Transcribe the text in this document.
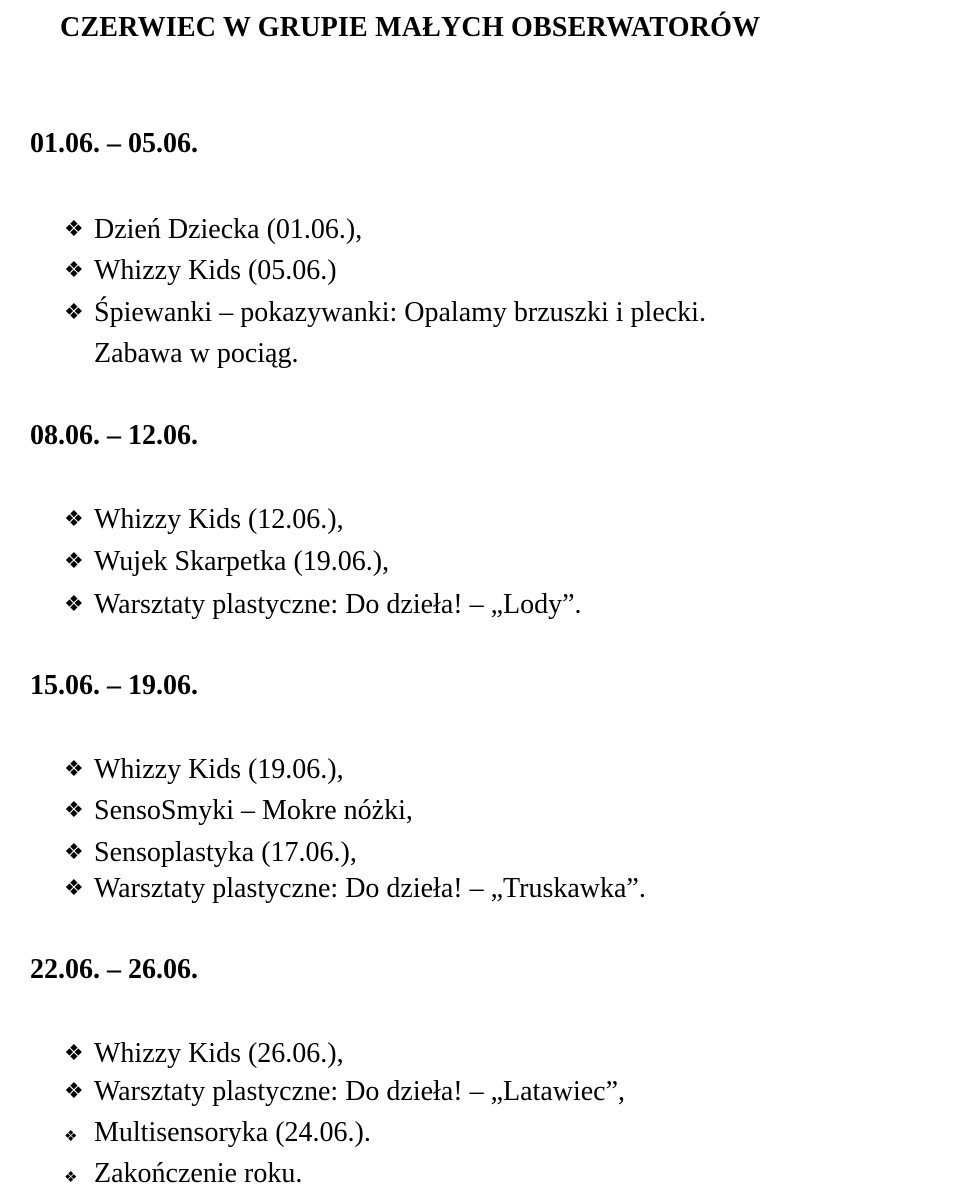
CZERWIEC W GRUPIE MAŁYCH OBSERWATORÓW
01.06. – 05.06.
❖ Dzień Dziecka (01.06.),
❖ Whizzy Kids (05.06.)
❖ Śpiewanki – pokazywanki: Opalamy brzuszki i plecki.
Zabawa w pociąg.
08.06. – 12.06.
❖ Whizzy Kids (12.06.),
❖ Wujek Skarpetka (19.06.),
❖ Warsztaty plastyczne: Do dzieła! – „Lody”.
15.06. – 19.06.
❖ Whizzy Kids (19.06.),
❖ SensoSmyki – Mokre nóżki,
❖ Sensoplastyka (17.06.),
❖ Warsztaty plastyczne: Do dzieła! – „Truskawka”.
22.06. – 26.06.
❖ Whizzy Kids (26.06.),
❖ Warsztaty plastyczne: Do dzieła! – „Latawiec”,
❖ Multisensoryka (24.06.).
❖ Zakończenie roku.
